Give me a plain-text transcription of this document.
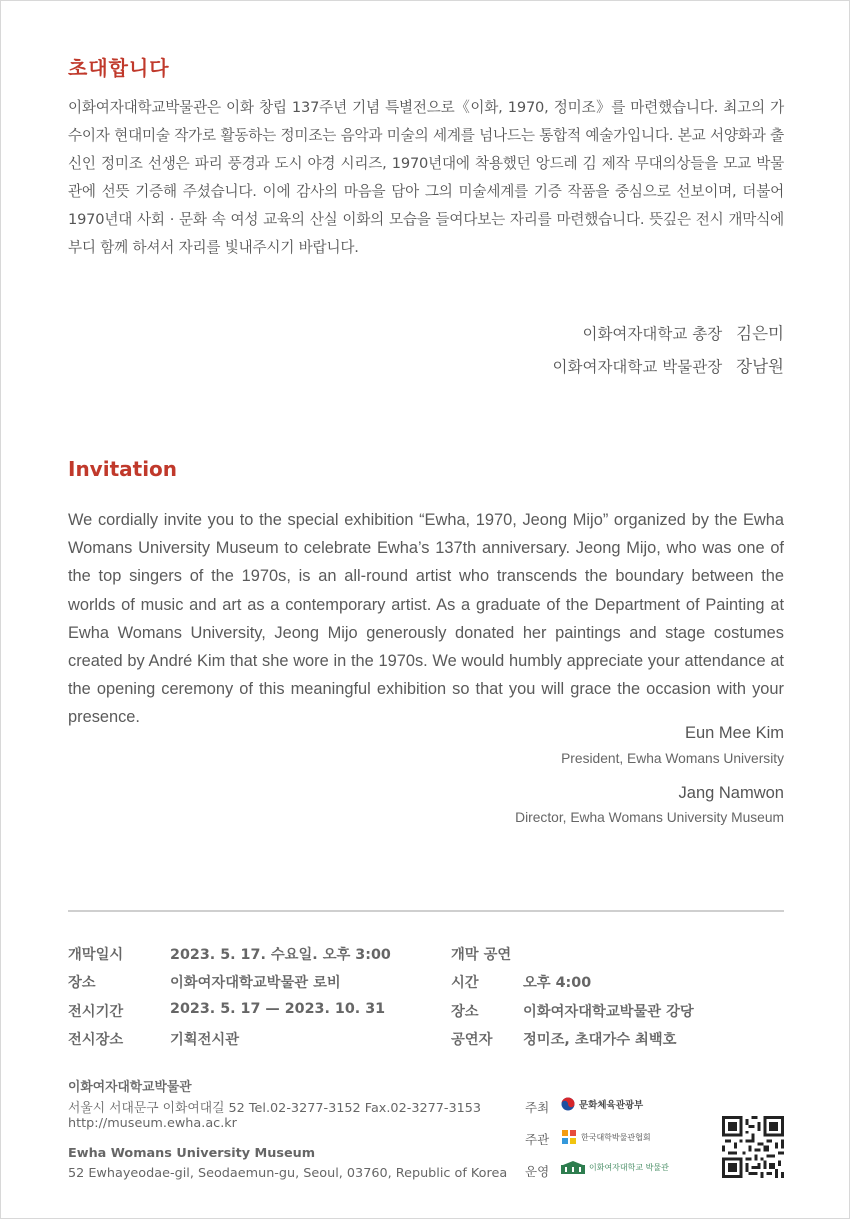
초대합니다
이화여자대학교박물관은 이화 창립 137주년 기념 특별전으로《이화, 1970, 정미조》를 마련했습니다. 최고의 가수이자 현대미술 작가로 활동하는 정미조는 음악과 미술의 세계를 넘나드는 통합적 예술가입니다. 본교 서양화과 출신인 정미조 선생은 파리 풍경과 도시 야경 시리즈, 1970년대에 착용했던 앙드레 김 제작 무대의상들을 모교 박물관에 선뜻 기증해 주셨습니다. 이에 감사의 마음을 담아 그의 미술세계를 기증 작품을 중심으로 선보이며, 더불어 1970년대 사회 · 문화 속 여성 교육의 산실 이화의 모습을 들여다보는 자리를 마련했습니다. 뜻깊은 전시 개막식에 부디 함께 하셔서 자리를 빛내주시기 바랍니다.
이화여자대학교 총장 김은미
이화여자대학교 박물관장 장남원
Invitation
We cordially invite you to the special exhibition “Ewha, 1970, Jeong Mijo” organized by the Ewha Womans University Museum to celebrate Ewha’s 137th anniversary. Jeong Mijo, who was one of the top singers of the 1970s, is an all-round artist who transcends the boundary between the worlds of music and art as a contemporary artist. As a graduate of the Department of Painting at Ewha Womans University, Jeong Mijo generously donated her paintings and stage costumes created by André Kim that she wore in the 1970s. We would humbly appreciate your attendance at the opening ceremony of this meaningful exhibition so that you will grace the occasion with your presence.
Eun Mee Kim
President, Ewha Womans University
Jang Namwon
Director, Ewha Womans University Museum
개막일시	2023. 5. 17. 수요일. 오후 3:00
장소	이화여자대학교박물관 로비
전시기간	2023. 5. 17 — 2023. 10. 31
전시장소	기획전시관
개막 공연
시간	오후 4:00
장소	이화여자대학교박물관 강당
공연자 정미조, 초대가수 최백호
이화여자대학교박물관
서울시 서대문구 이화여대길 52 Tel.02-3277-3152 Fax.02-3277-3153
http://museum.ewha.ac.kr
Ewha Womans University Museum
52 Ewhayeodae-gil, Seodaemun-gu, Seoul, 03760, Republic of Korea
주최	문화체육관광부
주관	한국대학박물관협회
운영	이화여자대학교 박물관
